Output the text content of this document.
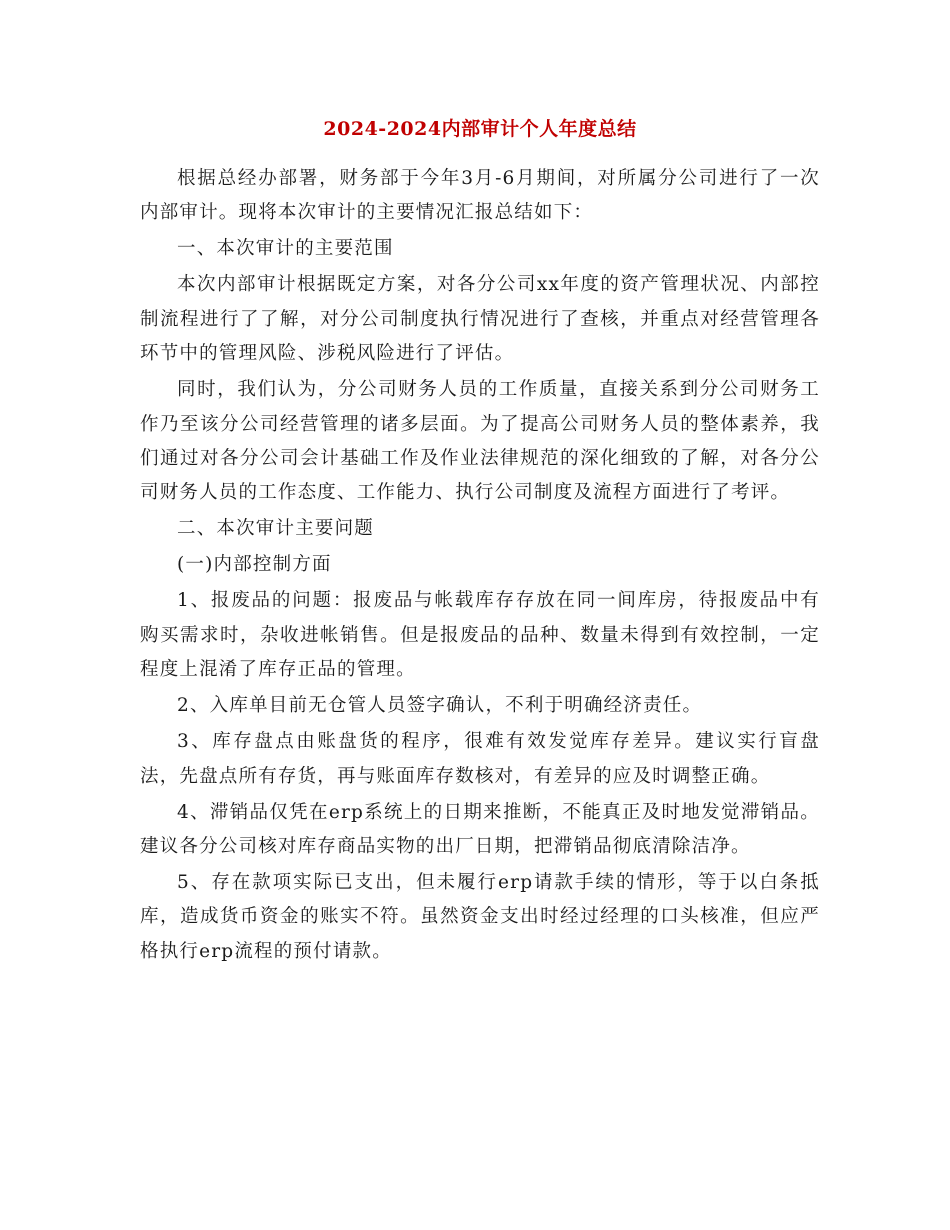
2024-2024内部审计个人年度总结

根据总经办部署，财务部于今年3月-6月期间，对所属分公司进行了一次内部审计。现将本次审计的主要情况汇报总结如下：

一、本次审计的主要范围

本次内部审计根据既定方案，对各分公司xx年度的资产管理状况、内部控制流程进行了了解，对分公司制度执行情况进行了查核，并重点对经营管理各环节中的管理风险、涉税风险进行了评估。

同时，我们认为，分公司财务人员的工作质量，直接关系到分公司财务工作乃至该分公司经营管理的诸多层面。为了提高公司财务人员的整体素养，我们通过对各分公司会计基础工作及作业法律规范的深化细致的了解，对各分公司财务人员的工作态度、工作能力、执行公司制度及流程方面进行了考评。

二、本次审计主要问题

(一)内部控制方面

1、报废品的问题：报废品与帐载库存存放在同一间库房，待报废品中有购买需求时，杂收进帐销售。但是报废品的品种、数量未得到有效控制，一定程度上混淆了库存正品的管理。

2、入库单目前无仓管人员签字确认，不利于明确经济责任。

3、库存盘点由账盘货的程序，很难有效发觉库存差异。建议实行盲盘法，先盘点所有存货，再与账面库存数核对，有差异的应及时调整正确。

4、滞销品仅凭在erp系统上的日期来推断，不能真正及时地发觉滞销品。建议各分公司核对库存商品实物的出厂日期，把滞销品彻底清除洁净。

5、存在款项实际已支出，但未履行erp请款手续的情形，等于以白条抵库，造成货币资金的账实不符。虽然资金支出时经过经理的口头核准，但应严格执行erp流程的预付请款。
